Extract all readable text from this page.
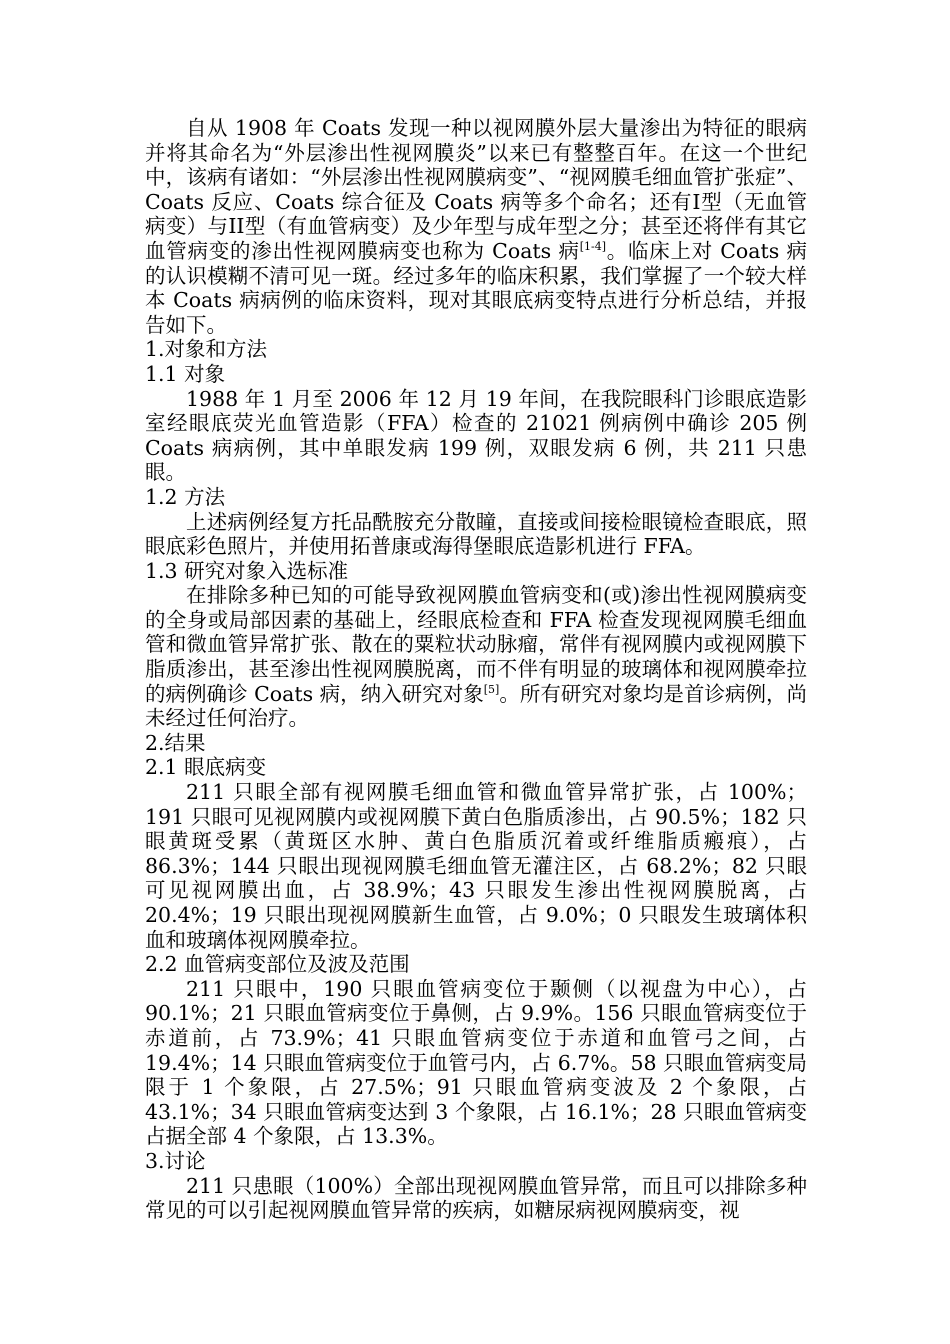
自从 1908 年 Coats 发现一种以视网膜外层大量渗出为特征的眼病并将其命名为“外层渗出性视网膜炎”以来已有整整百年。在这一个世纪中，该病有诸如：“外层渗出性视网膜病变”、“视网膜毛细血管扩张症”、Coats 反应、Coats 综合征及 Coats 病等多个命名；还有I型（无血管病变）与II型（有血管病变）及少年型与成年型之分；甚至还将伴有其它血管病变的渗出性视网膜病变也称为 Coats 病[1-4]。临床上对 Coats 病的认识模糊不清可见一斑。经过多年的临床积累，我们掌握了一个较大样本 Coats 病病例的临床资料，现对其眼底病变特点进行分析总结，并报告如下。

1.对象和方法

1.1 对象

1988 年 1 月至 2006 年 12 月 19 年间，在我院眼科门诊眼底造影室经眼底荧光血管造影（FFA）检查的 21021 例病例中确诊 205 例 Coats 病病例，其中单眼发病 199 例，双眼发病 6 例，共 211 只患眼。

1.2 方法

上述病例经复方托品酰胺充分散瞳，直接或间接检眼镜检查眼底，照眼底彩色照片，并使用拓普康或海得堡眼底造影机进行 FFA。

1.3 研究对象入选标准

在排除多种已知的可能导致视网膜血管病变和(或)渗出性视网膜病变的全身或局部因素的基础上，经眼底检查和 FFA 检查发现视网膜毛细血管和微血管异常扩张、散在的粟粒状动脉瘤，常伴有视网膜内或视网膜下脂质渗出，甚至渗出性视网膜脱离，而不伴有明显的玻璃体和视网膜牵拉的病例确诊 Coats 病，纳入研究对象[5]。所有研究对象均是首诊病例，尚未经过任何治疗。

2.结果

2.1 眼底病变

211 只眼全部有视网膜毛细血管和微血管异常扩张，占 100%；191 只眼可见视网膜内或视网膜下黄白色脂质渗出，占 90.5%；182 只眼黄斑受累（黄斑区水肿、黄白色脂质沉着或纤维脂质瘢痕），占 86.3%；144 只眼出现视网膜毛细血管无灌注区，占 68.2%；82 只眼可见视网膜出血，占 38.9%；43 只眼发生渗出性视网膜脱离，占 20.4%；19 只眼出现视网膜新生血管，占 9.0%；0 只眼发生玻璃体积血和玻璃体视网膜牵拉。

2.2 血管病变部位及波及范围

211 只眼中，190 只眼血管病变位于颞侧（以视盘为中心），占 90.1%；21 只眼血管病变位于鼻侧，占 9.9%。156 只眼血管病变位于赤道前，占 73.9%；41 只眼血管病变位于赤道和血管弓之间，占 19.4%；14 只眼血管病变位于血管弓内，占 6.7%。58 只眼血管病变局限于 1 个象限，占 27.5%；91 只眼血管病变波及 2 个象限，占 43.1%；34 只眼血管病变达到 3 个象限，占 16.1%；28 只眼血管病变占据全部 4 个象限，占 13.3%。

3.讨论

211 只患眼（100%）全部出现视网膜血管异常，而且可以排除多种常见的可以引起视网膜血管异常的疾病，如糖尿病视网膜病变，视
